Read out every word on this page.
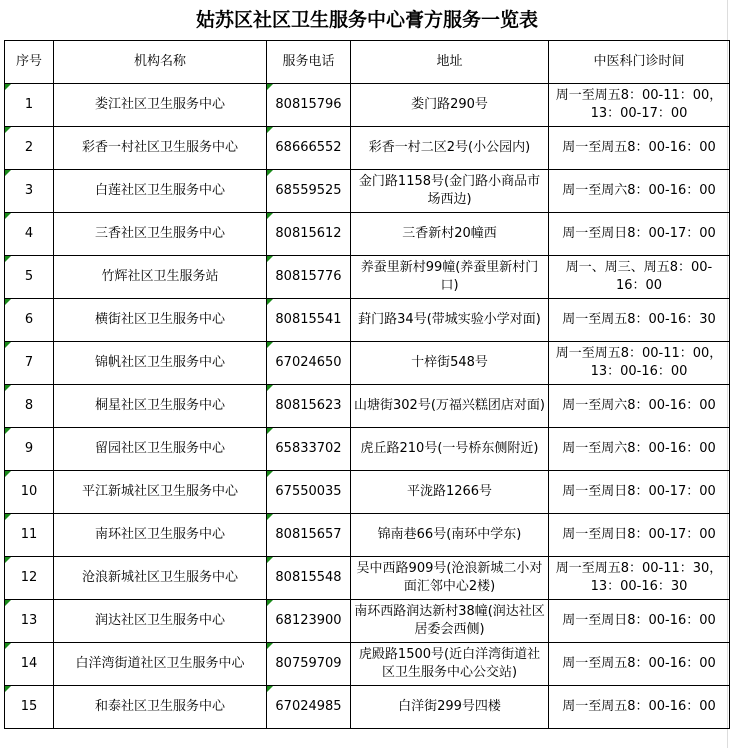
姑苏区社区卫生服务中心膏方服务一览表
序号	机构名称	服务电话	地址	中医科门诊时间

1	娄江社区卫生服务中心	80815796	娄门路290号	周一至周五8：00-11：00，13：00-17：00

2	彩香一村社区卫生服务中心	68666552	彩香一村二区2号(小公园内)	周一至周五8：00-16：00

3	白莲社区卫生服务中心	68559525	金门路1158号(金门路小商品市场西边)	周一至周六8：00-16：00

4	三香社区卫生服务中心	80815612	三香新村20幢西	周一至周日8：00-17：00

5	竹辉社区卫生服务站	80815776	养蚕里新村99幢(养蚕里新村门口)	周一、周三、周五8：00-16：00

6	横街社区卫生服务中心	80815541	葑门路34号(带城实验小学对面)	周一至周五8：00-16：30

7	锦帆社区卫生服务中心	67024650	十梓街548号	周一至周五8：00-11：00，13：00-16：00

8	桐星社区卫生服务中心	80815623	山塘街302号(万福兴糕团店对面)	周一至周六8：00-16：00

9	留园社区卫生服务中心	65833702	虎丘路210号(一号桥东侧附近)	周一至周六8：00-16：00

10	平江新城社区卫生服务中心	67550035	平泷路1266号	周一至周日8：00-17：00

11	南环社区卫生服务中心	80815657	锦南巷66号(南环中学东)	周一至周日8：00-17：00

12	沧浪新城社区卫生服务中心	80815548	吴中西路909号(沧浪新城二小对面汇邻中心2楼)	周一至周五8：00-11：30，13：00-16：30

13	润达社区卫生服务中心	68123900	南环西路润达新村38幢(润达社区居委会西侧)	周一至周日8：00-16：00

14	白洋湾街道社区卫生服务中心	80759709	虎殿路1500号(近白洋湾街道社区卫生服务中心公交站)	周一至周五8：00-16：00

15	和泰社区卫生服务中心	67024985	白洋街299号四楼	周一至周五8：00-16：00
